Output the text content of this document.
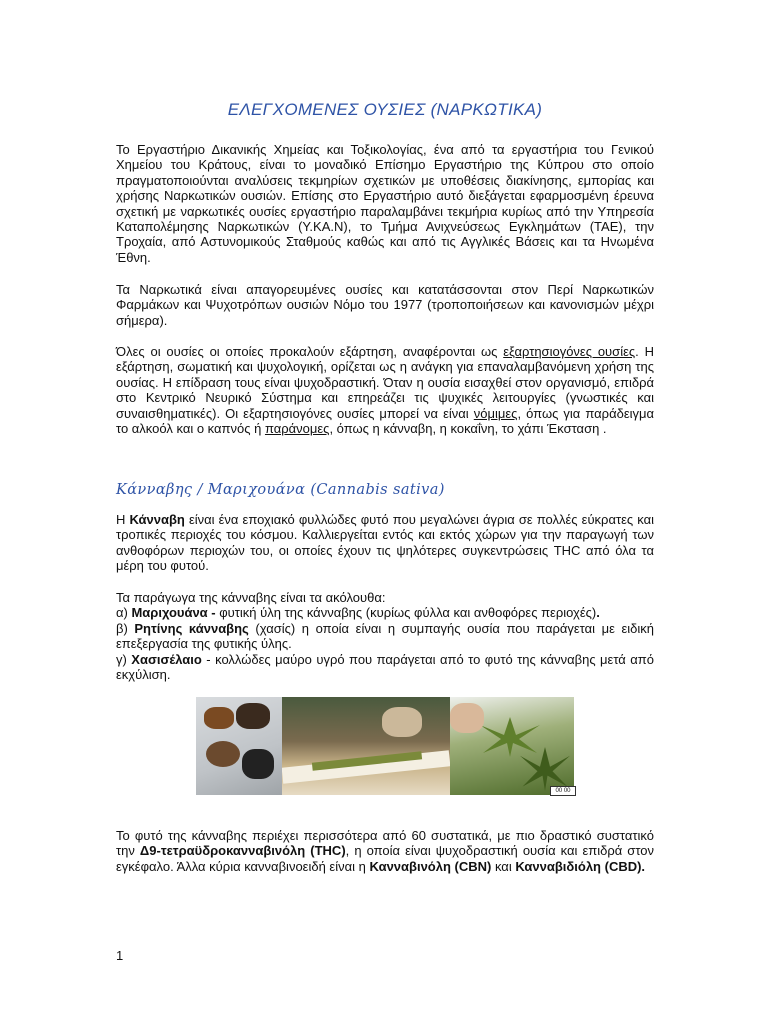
ΕΛΕΓΧΟΜΕΝΕΣ ΟΥΣΙΕΣ (ΝΑΡΚΩΤΙΚΑ)

Το Εργαστήριο Δικανικής Χημείας και Τοξικολογίας, ένα από τα εργαστήρια του Γενικού Χημείου του Κράτους, είναι το μοναδικό Επίσημο Εργαστήριο της Κύπρου στο οποίο πραγματοποιούνται αναλύσεις τεκμηρίων σχετικών με υποθέσεις διακίνησης, εμπορίας και χρήσης Ναρκωτικών ουσιών. Επίσης στο Εργαστήριο αυτό διεξάγεται εφαρμοσμένη έρευνα σχετική με ναρκωτικές ουσίες εργαστήριο παραλαμβάνει τεκμήρια κυρίως από την Υπηρεσία Καταπολέμησης Ναρκωτικών (Υ.ΚΑ.Ν), το Τμήμα Ανιχνεύσεως Εγκλημάτων (ΤΑΕ), την Τροχαία, από Αστυνομικούς Σταθμούς καθώς και από τις Αγγλικές Βάσεις και τα Ηνωμένα Έθνη.

Τα Ναρκωτικά είναι απαγορευμένες ουσίες και κατατάσσονται στον Περί Ναρκωτικών Φαρμάκων και Ψυχοτρόπων ουσιών Νόμο του 1977 (τροποποιήσεων και κανονισμών μέχρι σήμερα).

Όλες οι ουσίες οι οποίες προκαλούν εξάρτηση, αναφέρονται ως εξαρτησιογόνες ουσίες. Η εξάρτηση, σωματική και ψυχολογική, ορίζεται ως η ανάγκη για επαναλαμβανόμενη χρήση της ουσίας. Η επίδραση τους είναι ψυχοδραστική. Όταν η ουσία εισαχθεί στον οργανισμό, επιδρά στο Κεντρικό Νευρικό Σύστημα και επηρεάζει τις ψυχικές λειτουργίες (γνωστικές και συναισθηματικές). Οι εξαρτησιογόνες ουσίες μπορεί να είναι νόμιμες, όπως για παράδειγμα το αλκοόλ και ο καπνός ή παράνομες, όπως η κάνναβη, η κοκαΐνη, το χάπι Έκσταση .

Κάνναβης / Μαριχουάνα (Cannabis sativa)

Η Κάνναβη είναι ένα εποχιακό φυλλώδες φυτό που μεγαλώνει άγρια σε πολλές εύκρατες και τροπικές περιοχές του κόσμου. Καλλιεργείται εντός και εκτός χώρων για την παραγωγή των ανθοφόρων περιοχών του, οι οποίες έχουν τις ψηλότερες συγκεντρώσεις THC από όλα τα μέρη του φυτού.

Τα παράγωγα της κάνναβης είναι τα ακόλουθα:

α) Μαριχουάνα - φυτική ύλη της κάνναβης (κυρίως φύλλα και ανθοφόρες περιοχές).

β) Ρητίνης κάνναβης (χασίς) η οποία είναι η συμπαγής ουσία που παράγεται με ειδική επεξεργασία της φυτικής ύλης.

γ) Χασισέλαιο - κολλώδες μαύρο υγρό που παράγεται από το φυτό της κάνναβης μετά από εκχύλιση.

00 00

Το φυτό της κάνναβης περιέχει περισσότερα από 60 συστατικά, με πιο δραστικό συστατικό την Δ9-τετραϋδροκανναβινόλη (THC), η οποία είναι ψυχοδραστική ουσία και επιδρά στον εγκέφαλο. Άλλα κύρια κανναβινοειδή είναι η Κανναβινόλη (CBN) και Κανναβιδιόλη (CBD).

1
